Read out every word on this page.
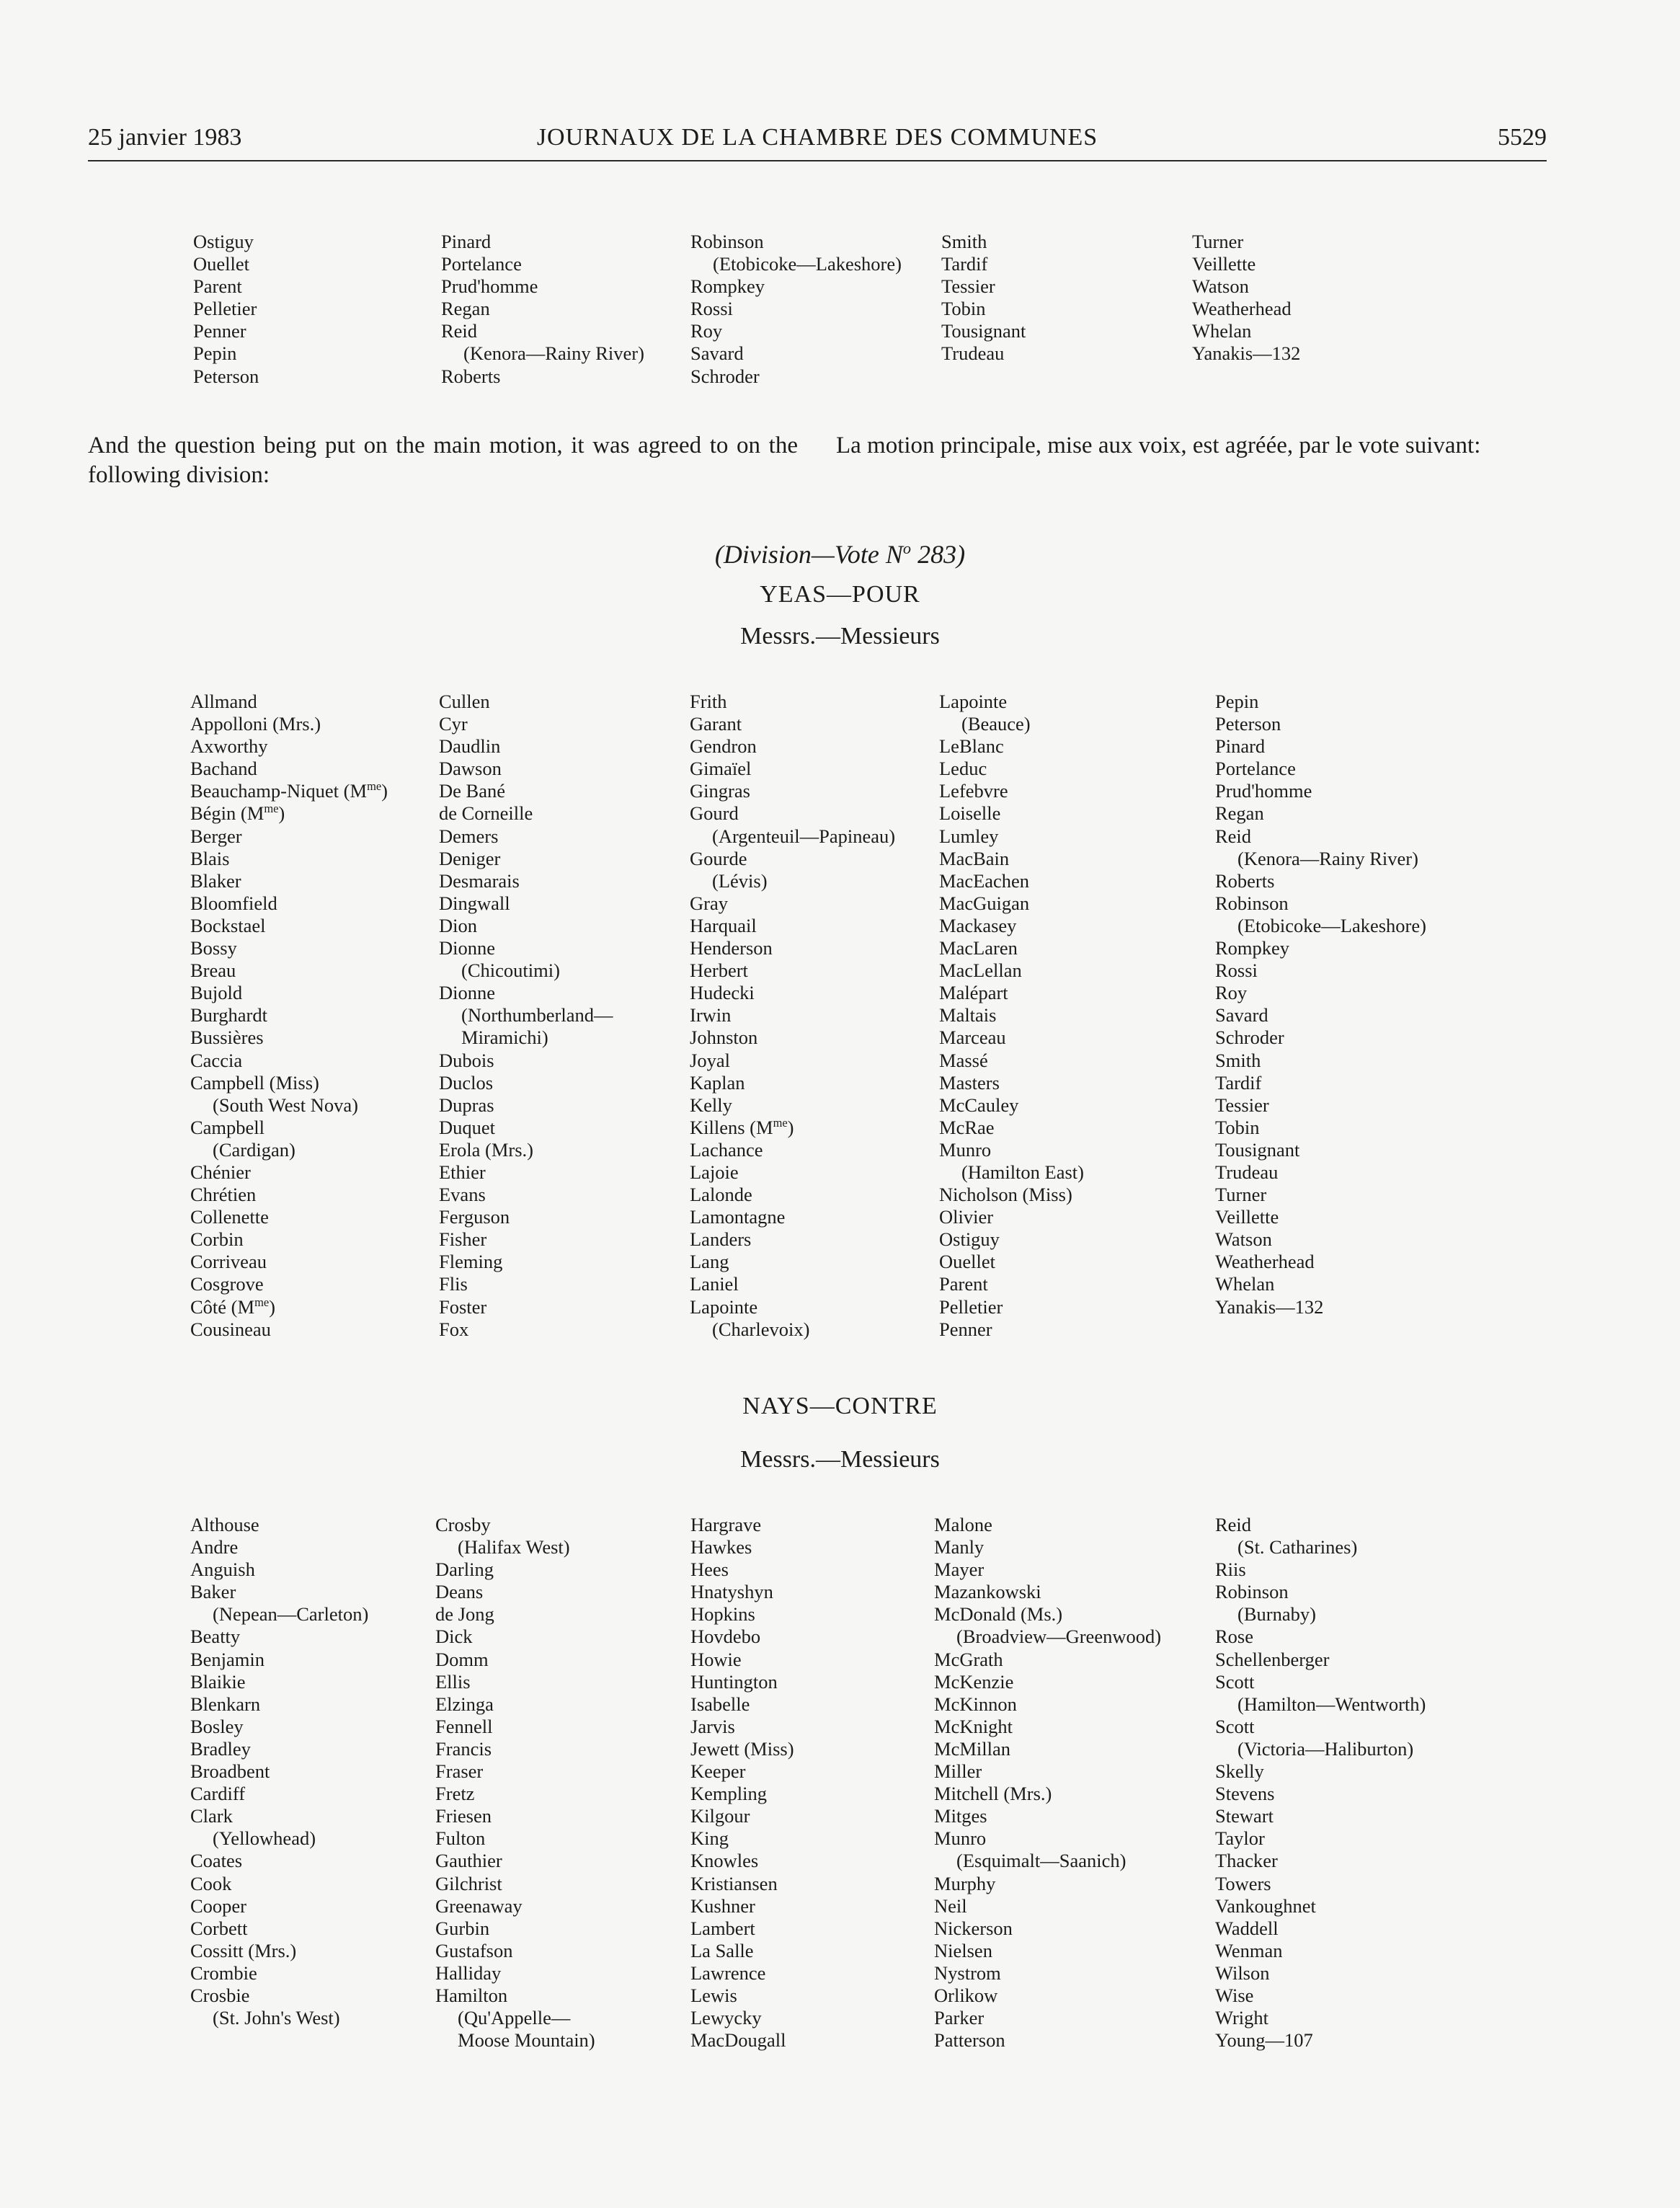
25 janvier 1983	JOURNAUX DE LA CHAMBRE DES COMMUNES	5529
Ostiguy
Ouellet
Parent
Pelletier
Penner
Pepin
Peterson
Pinard
Portelance
Prud'homme
Regan
Reid
(Kenora—Rainy River)
Roberts
Robinson
(Etobicoke—Lakeshore)
Rompkey
Rossi
Roy
Savard
Schroder
Smith
Tardif
Tessier
Tobin
Tousignant
Trudeau
Turner
Veillette
Watson
Weatherhead
Whelan
Yanakis—132
And the question being put on the main motion, it was agreed to on the following division:
La motion principale, mise aux voix, est agréée, par le vote suivant:
(Division—Vote $N^o$ 283)
YEAS—POUR
Messrs.—Messieurs
Allmand
Appolloni (Mrs.)
Axworthy
Bachand
Beauchamp-Niquet $(M^{me})$
Bégin $(M^{me})$
Berger
Blais
Blaker
Bloomfield
Bockstael
Bossy
Breau
Bujold
Burghardt
Bussières
Caccia
Campbell (Miss)
(South West Nova)
Campbell
(Cardigan)
Chénier
Chrétien
Collenette
Corbin
Corriveau
Cosgrove
Côté $(M^{me})$
Cousineau
Cullen
Cyr
Daudlin
Dawson
De Bané
de Corneille
Demers
Deniger
Desmarais
Dingwall
Dion
Dionne
(Chicoutimi)
Dionne
(Northumberland—
Miramichi)
Dubois
Duclos
Dupras
Duquet
Erola (Mrs.)
Ethier
Evans
Ferguson
Fisher
Fleming
Flis
Foster
Fox
Frith
Garant
Gendron
Gimaïel
Gingras
Gourd
(Argenteuil—Papineau)
Gourde
(Lévis)
Gray
Harquail
Henderson
Herbert
Hudecki
Irwin
Johnston
Joyal
Kaplan
Kelly
Killens $(M^{me})$
Lachance
Lajoie
Lalonde
Lamontagne
Landers
Lang
Laniel
Lapointe
(Charlevoix)
Lapointe
(Beauce)
LeBlanc
Leduc
Lefebvre
Loiselle
Lumley
MacBain
MacEachen
MacGuigan
Mackasey
MacLaren
MacLellan
Malépart
Maltais
Marceau
Massé
Masters
McCauley
McRae
Munro
(Hamilton East)
Nicholson (Miss)
Olivier
Ostiguy
Ouellet
Parent
Pelletier
Penner
Pepin
Peterson
Pinard
Portelance
Prud'homme
Regan
Reid
(Kenora—Rainy River)
Roberts
Robinson
(Etobicoke—Lakeshore)
Rompkey
Rossi
Roy
Savard
Schroder
Smith
Tardif
Tessier
Tobin
Tousignant
Trudeau
Turner
Veillette
Watson
Weatherhead
Whelan
Yanakis—132
NAYS—CONTRE
Messrs.—Messieurs
Althouse
Andre
Anguish
Baker
(Nepean—Carleton)
Beatty
Benjamin
Blaikie
Blenkarn
Bosley
Bradley
Broadbent
Cardiff
Clark
(Yellowhead)
Coates
Cook
Cooper
Corbett
Cossitt (Mrs.)
Crombie
Crosbie
(St. John's West)
Crosby
(Halifax West)
Darling
Deans
de Jong
Dick
Domm
Ellis
Elzinga
Fennell
Francis
Fraser
Fretz
Friesen
Fulton
Gauthier
Gilchrist
Greenaway
Gurbin
Gustafson
Halliday
Hamilton
(Qu'Appelle—
Moose Mountain)
Hargrave
Hawkes
Hees
Hnatyshyn
Hopkins
Hovdebo
Howie
Huntington
Isabelle
Jarvis
Jewett (Miss)
Keeper
Kempling
Kilgour
King
Knowles
Kristiansen
Kushner
Lambert
La Salle
Lawrence
Lewis
Lewycky
MacDougall
Malone
Manly
Mayer
Mazankowski
McDonald (Ms.)
(Broadview—Greenwood)
McGrath
McKenzie
McKinnon
McKnight
McMillan
Miller
Mitchell (Mrs.)
Mitges
Munro
(Esquimalt—Saanich)
Murphy
Neil
Nickerson
Nielsen
Nystrom
Orlikow
Parker
Patterson
Reid
(St. Catharines)
Riis
Robinson
(Burnaby)
Rose
Schellenberger
Scott
(Hamilton—Wentworth)
Scott
(Victoria—Haliburton)
Skelly
Stevens
Stewart
Taylor
Thacker
Towers
Vankoughnet
Waddell
Wenman
Wilson
Wise
Wright
Young—107
